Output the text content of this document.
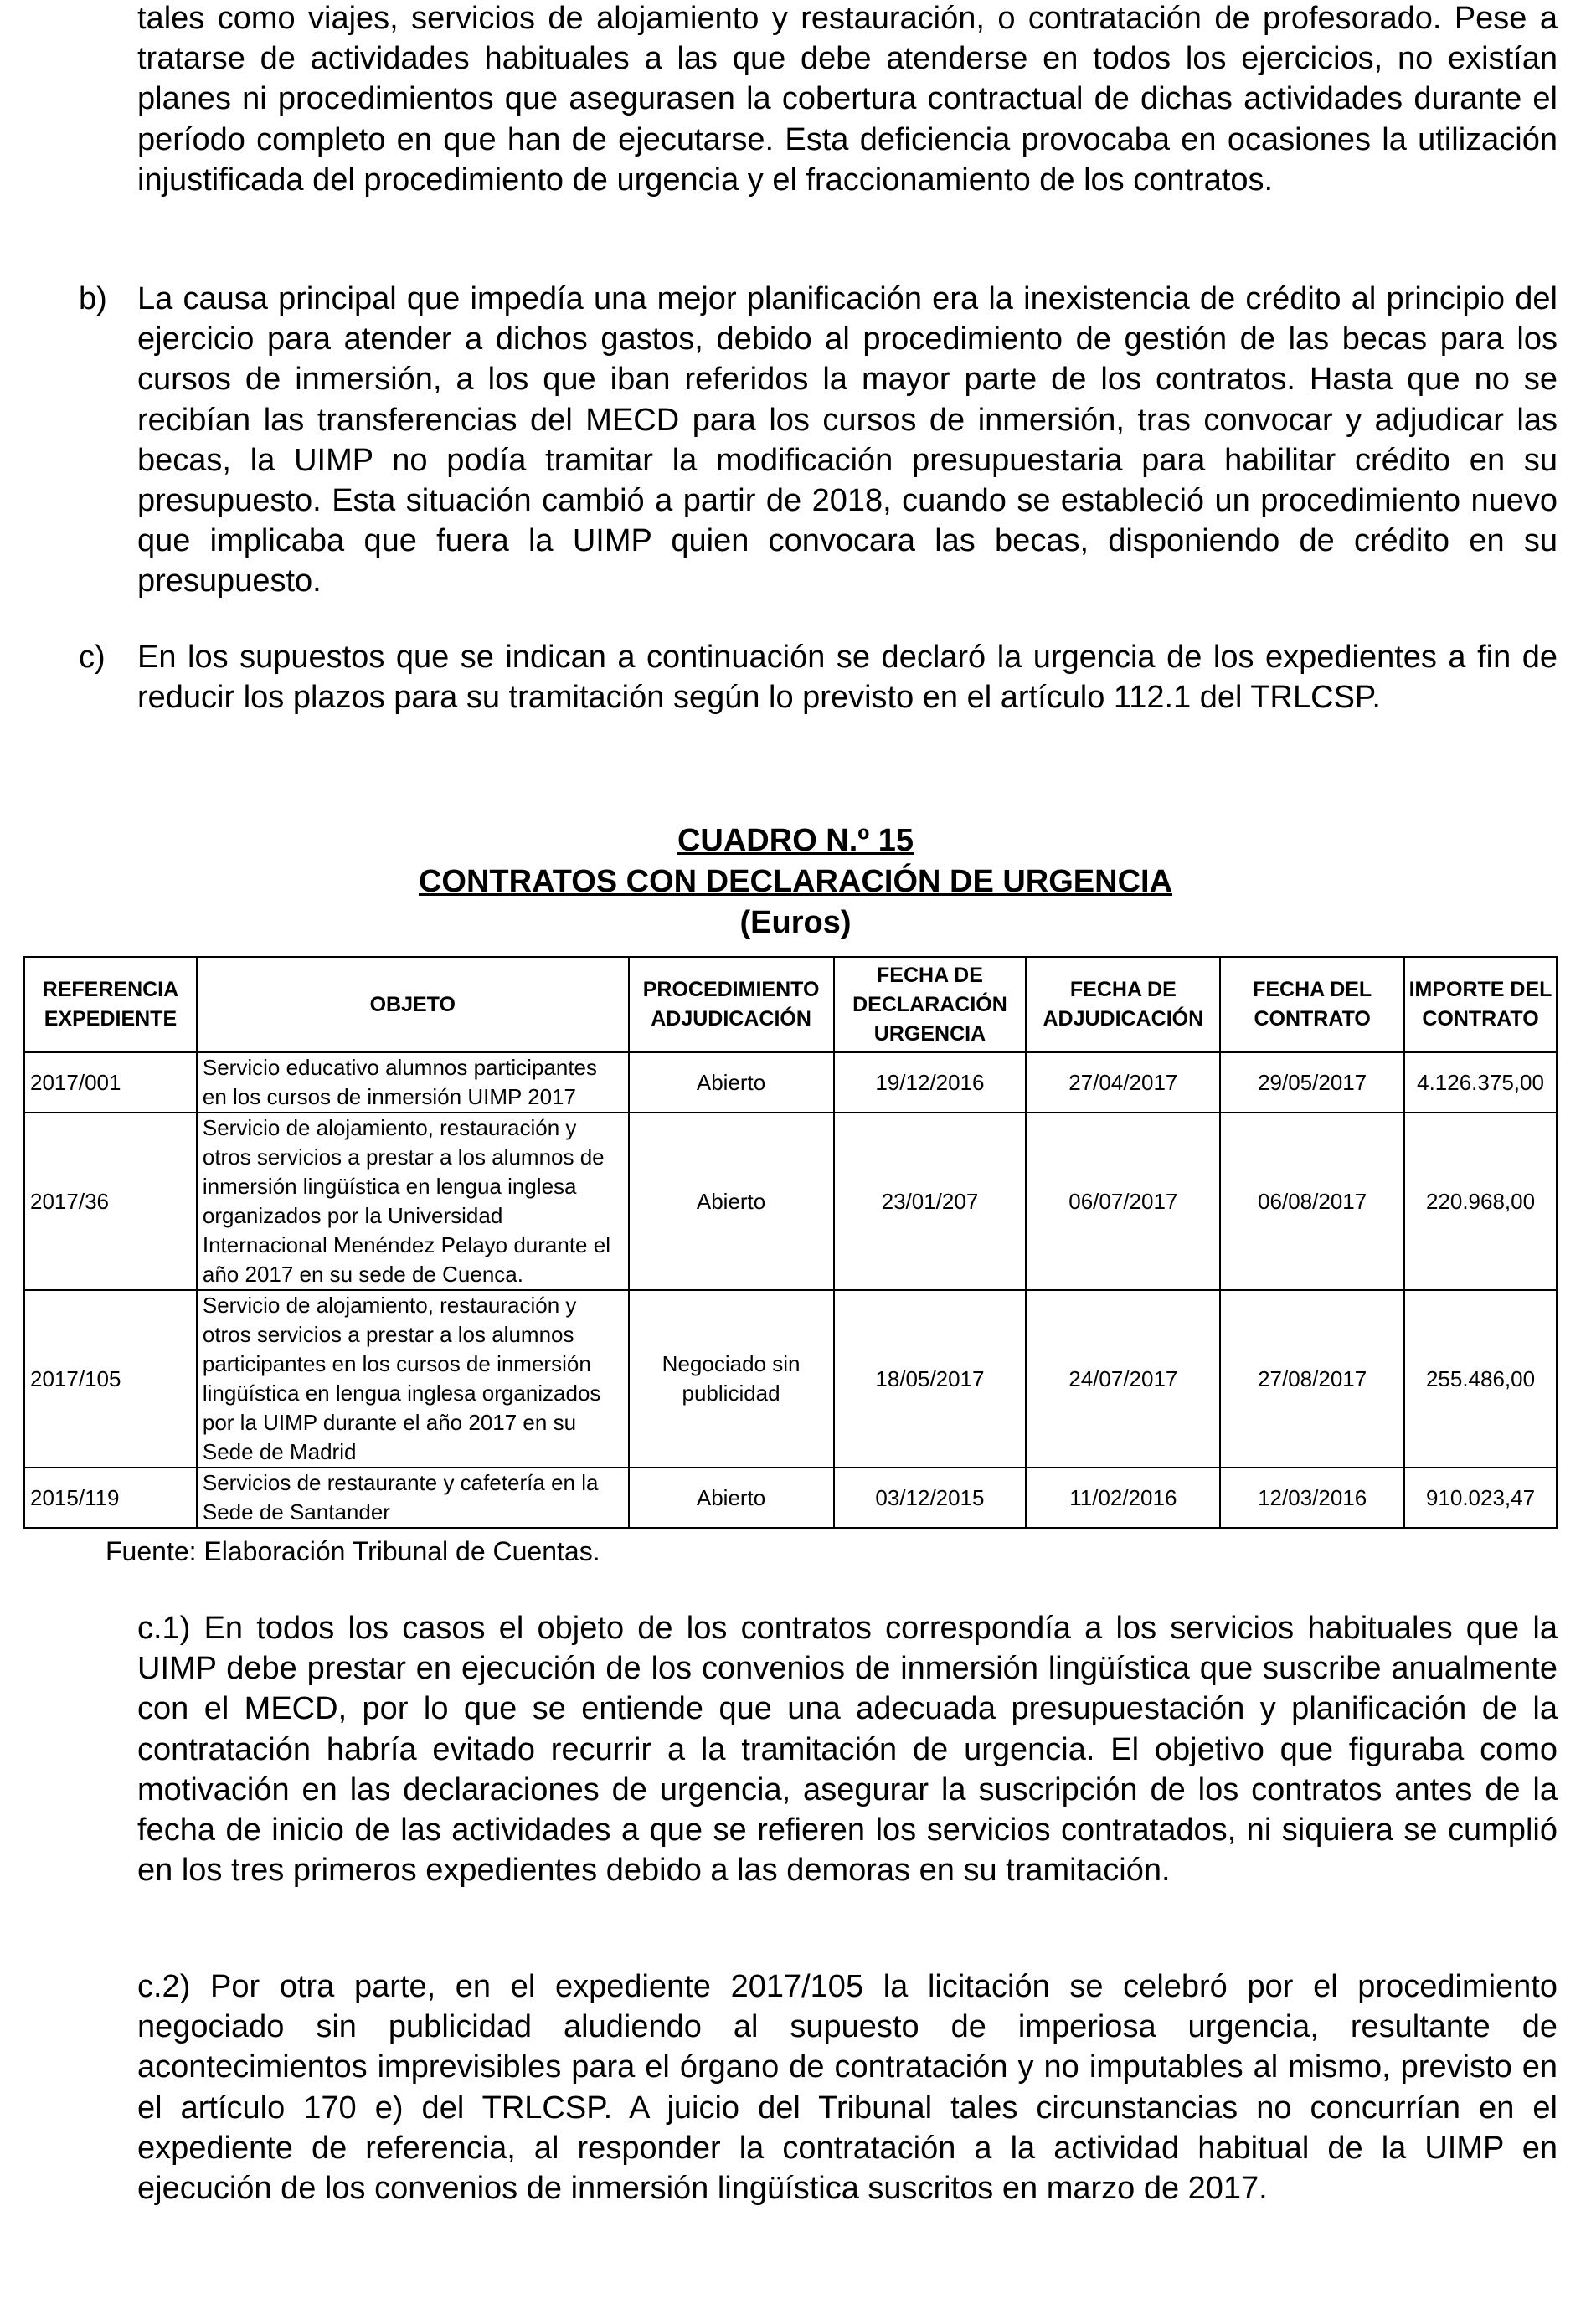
tales como viajes, servicios de alojamiento y restauración, o contratación de profesorado. Pese a tratarse de actividades habituales a las que debe atenderse en todos los ejercicios, no existían planes ni procedimientos que asegurasen la cobertura contractual de dichas actividades durante el período completo en que han de ejecutarse. Esta deficiencia provocaba en ocasiones la utilización injustificada del procedimiento de urgencia y el fraccionamiento de los contratos.

b) La causa principal que impedía una mejor planificación era la inexistencia de crédito al principio del ejercicio para atender a dichos gastos, debido al procedimiento de gestión de las becas para los cursos de inmersión, a los que iban referidos la mayor parte de los contratos. Hasta que no se recibían las transferencias del MECD para los cursos de inmersión, tras convocar y adjudicar las becas, la UIMP no podía tramitar la modificación presupuestaria para habilitar crédito en su presupuesto. Esta situación cambió a partir de 2018, cuando se estableció un procedimiento nuevo que implicaba que fuera la UIMP quien convocara las becas, disponiendo de crédito en su presupuesto.

c) En los supuestos que se indican a continuación se declaró la urgencia de los expedientes a fin de reducir los plazos para su tramitación según lo previsto en el artículo 112.1 del TRLCSP.

CUADRO N.º 15
CONTRATOS CON DECLARACIÓN DE URGENCIA
(Euros)
REFERENCIA EXPEDIENTE	OBJETO	PROCEDIMIENTO ADJUDICACIÓN	FECHA DE DECLARACIÓN URGENCIA	FECHA DE ADJUDICACIÓN	FECHA DEL CONTRATO	IMPORTE DEL CONTRATO
2017/001	Servicio educativo alumnos participantes en los cursos de inmersión UIMP 2017	Abierto	19/12/2016	27/04/2017	29/05/2017	4.126.375,00
2017/36	Servicio de alojamiento, restauración y otros servicios a prestar a los alumnos de inmersión lingüística en lengua inglesa organizados por la Universidad Internacional Menéndez Pelayo durante el año 2017 en su sede de Cuenca.	Abierto	23/01/207	06/07/2017	06/08/2017	220.968,00
2017/105	Servicio de alojamiento, restauración y otros servicios a prestar a los alumnos participantes en los cursos de inmersión lingüística en lengua inglesa organizados por la UIMP durante el año 2017 en su Sede de Madrid	Negociado sin publicidad	18/05/2017	24/07/2017	27/08/2017	255.486,00
2015/119	Servicios de restaurante y cafetería en la Sede de Santander	Abierto	03/12/2015	11/02/2016	12/03/2016	910.023,47
Fuente: Elaboración Tribunal de Cuentas.

c.1) En todos los casos el objeto de los contratos correspondía a los servicios habituales que la UIMP debe prestar en ejecución de los convenios de inmersión lingüística que suscribe anualmente con el MECD, por lo que se entiende que una adecuada presupuestación y planificación de la contratación habría evitado recurrir a la tramitación de urgencia. El objetivo que figuraba como motivación en las declaraciones de urgencia, asegurar la suscripción de los contratos antes de la fecha de inicio de las actividades a que se refieren los servicios contratados, ni siquiera se cumplió en los tres primeros expedientes debido a las demoras en su tramitación.

c.2) Por otra parte, en el expediente 2017/105 la licitación se celebró por el procedimiento negociado sin publicidad aludiendo al supuesto de imperiosa urgencia, resultante de acontecimientos imprevisibles para el órgano de contratación y no imputables al mismo, previsto en el artículo 170 e) del TRLCSP. A juicio del Tribunal tales circunstancias no concurrían en el expediente de referencia, al responder la contratación a la actividad habitual de la UIMP en ejecución de los convenios de inmersión lingüística suscritos en marzo de 2017.
